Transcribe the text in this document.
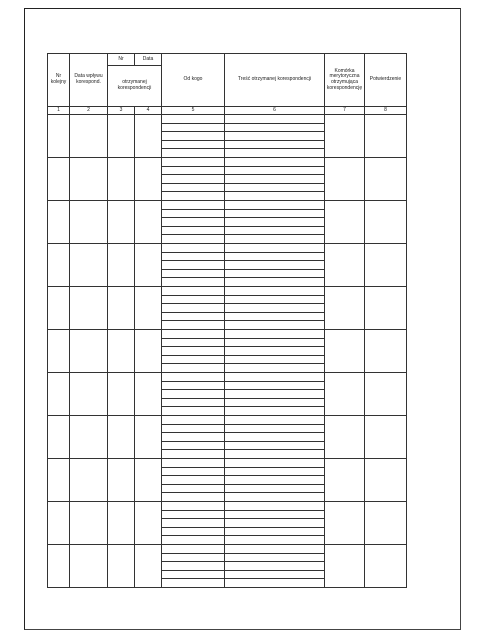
Nr kolejny	Data wpływu korespond.	Nr	Data	Od kogo	Treść otrzymanej korespondencji	Komórka merytoryczna otrzymująca korespondencję	Potwierdzenie
		otrzymanej korespondencji					
1	2	3	4	5	6	7	8
